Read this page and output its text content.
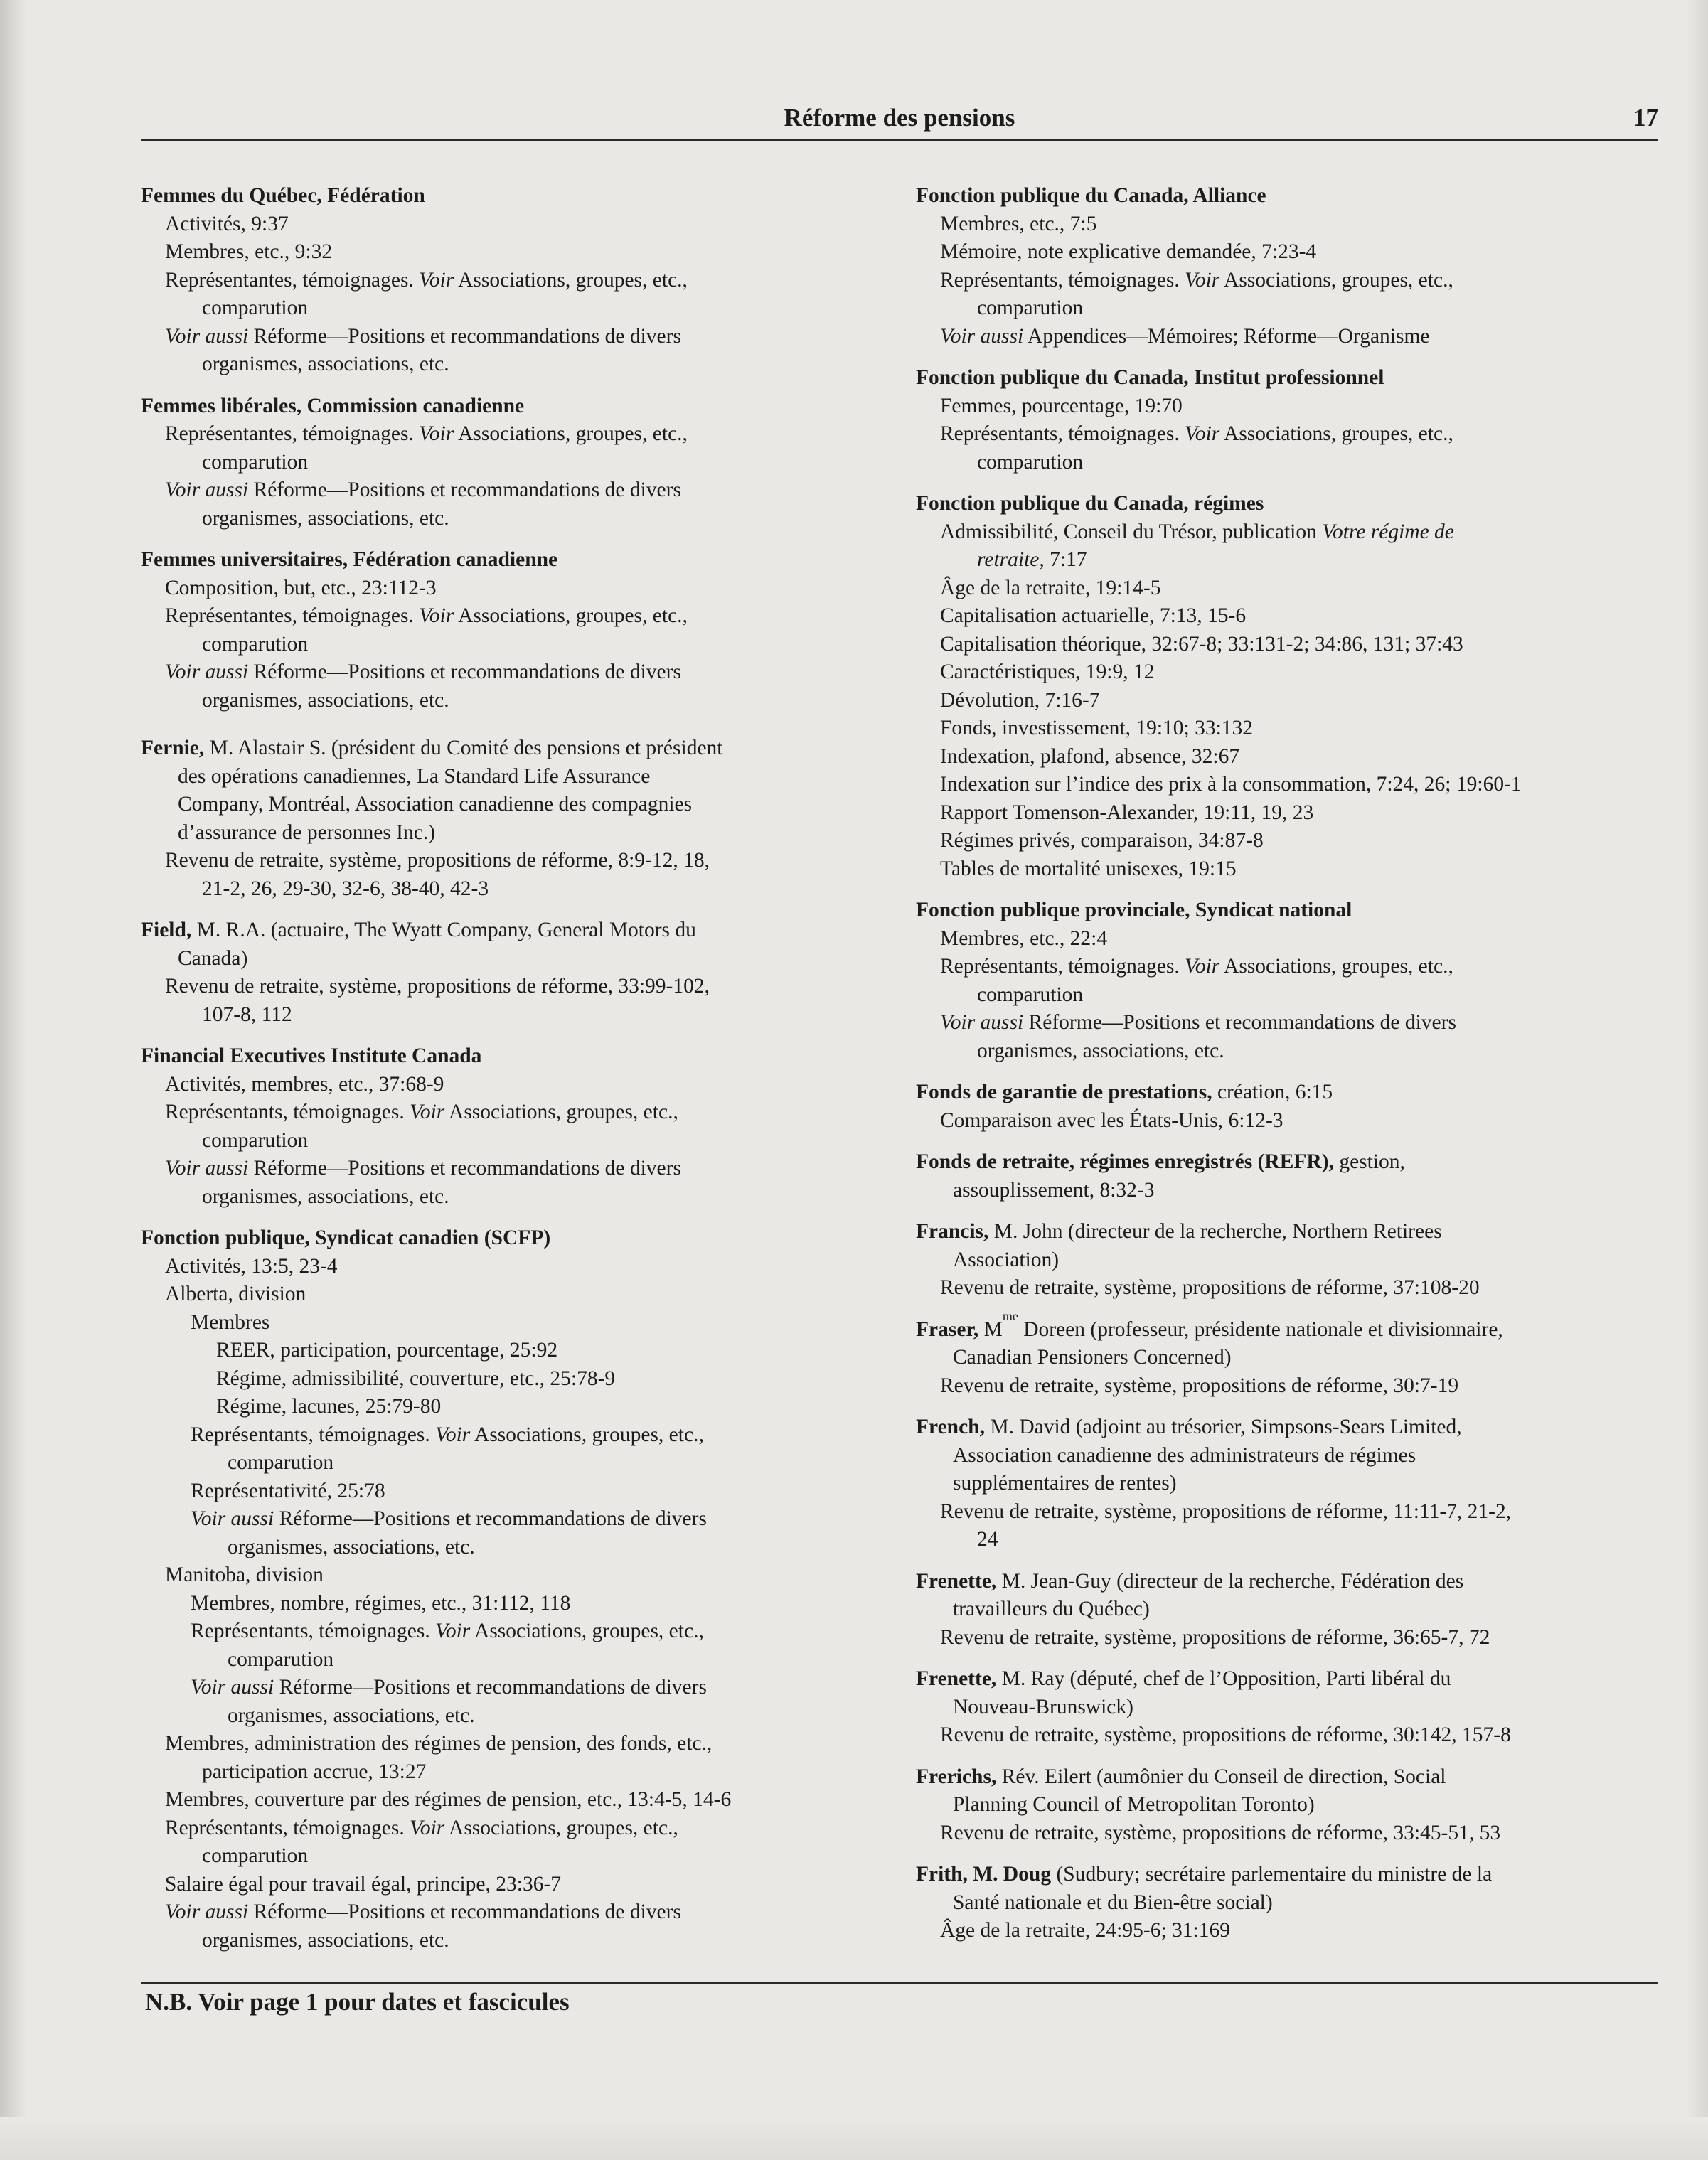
Réforme des pensions	17
Femmes du Québec, Fédération
Activités, 9:37
Membres, etc., 9:32
Représentantes, témoignages. Voir Associations, groupes, etc.,
comparution
Voir aussi Réforme—Positions et recommandations de divers
organismes, associations, etc.
Femmes libérales, Commission canadienne
Représentantes, témoignages. Voir Associations, groupes, etc.,
comparution
Voir aussi Réforme—Positions et recommandations de divers
organismes, associations, etc.
Femmes universitaires, Fédération canadienne
Composition, but, etc., 23:112-3
Représentantes, témoignages. Voir Associations, groupes, etc.,
comparution
Voir aussi Réforme—Positions et recommandations de divers
organismes, associations, etc.
Fernie, M. Alastair S. (président du Comité des pensions et président
des opérations canadiennes, La Standard Life Assurance
Company, Montréal, Association canadienne des compagnies
d’assurance de personnes Inc.)
Revenu de retraite, système, propositions de réforme, 8:9-12, 18,
21-2, 26, 29-30, 32-6, 38-40, 42-3
Field, M. R.A. (actuaire, The Wyatt Company, General Motors du
Canada)
Revenu de retraite, système, propositions de réforme, 33:99-102,
107-8, 112
Financial Executives Institute Canada
Activités, membres, etc., 37:68-9
Représentants, témoignages. Voir Associations, groupes, etc.,
comparution
Voir aussi Réforme—Positions et recommandations de divers
organismes, associations, etc.
Fonction publique, Syndicat canadien (SCFP)
Activités, 13:5, 23-4
Alberta, division
Membres
REER, participation, pourcentage, 25:92
Régime, admissibilité, couverture, etc., 25:78-9
Régime, lacunes, 25:79-80
Représentants, témoignages. Voir Associations, groupes, etc.,
comparution
Représentativité, 25:78
Voir aussi Réforme—Positions et recommandations de divers
organismes, associations, etc.
Manitoba, division
Membres, nombre, régimes, etc., 31:112, 118
Représentants, témoignages. Voir Associations, groupes, etc.,
comparution
Voir aussi Réforme—Positions et recommandations de divers
organismes, associations, etc.
Membres, administration des régimes de pension, des fonds, etc.,
participation accrue, 13:27
Membres, couverture par des régimes de pension, etc., 13:4-5, 14-6
Représentants, témoignages. Voir Associations, groupes, etc.,
comparution
Salaire égal pour travail égal, principe, 23:36-7
Voir aussi Réforme—Positions et recommandations de divers
organismes, associations, etc.
Fonction publique du Canada, Alliance
Membres, etc., 7:5
Mémoire, note explicative demandée, 7:23-4
Représentants, témoignages. Voir Associations, groupes, etc.,
comparution
Voir aussi Appendices—Mémoires; Réforme—Organisme
Fonction publique du Canada, Institut professionnel
Femmes, pourcentage, 19:70
Représentants, témoignages. Voir Associations, groupes, etc.,
comparution
Fonction publique du Canada, régimes
Admissibilité, Conseil du Trésor, publication Votre régime de
retraite, 7:17
Âge de la retraite, 19:14-5
Capitalisation actuarielle, 7:13, 15-6
Capitalisation théorique, 32:67-8; 33:131-2; 34:86, 131; 37:43
Caractéristiques, 19:9, 12
Dévolution, 7:16-7
Fonds, investissement, 19:10; 33:132
Indexation, plafond, absence, 32:67
Indexation sur l’indice des prix à la consommation, 7:24, 26; 19:60-1
Rapport Tomenson-Alexander, 19:11, 19, 23
Régimes privés, comparaison, 34:87-8
Tables de mortalité unisexes, 19:15
Fonction publique provinciale, Syndicat national
Membres, etc., 22:4
Représentants, témoignages. Voir Associations, groupes, etc.,
comparution
Voir aussi Réforme—Positions et recommandations de divers
organismes, associations, etc.
Fonds de garantie de prestations, création, 6:15
Comparaison avec les États-Unis, 6:12-3
Fonds de retraite, régimes enregistrés (REFR), gestion,
assouplissement, 8:32-3
Francis, M. John (directeur de la recherche, Northern Retirees
Association)
Revenu de retraite, système, propositions de réforme, 37:108-20
Fraser, $M^{me}$ Doreen (professeur, présidente nationale et divisionnaire,
Canadian Pensioners Concerned)
Revenu de retraite, système, propositions de réforme, 30:7-19
French, M. David (adjoint au trésorier, Simpsons-Sears Limited,
Association canadienne des administrateurs de régimes
supplémentaires de rentes)
Revenu de retraite, système, propositions de réforme, 11:11-7, 21-2,
24
Frenette, M. Jean-Guy (directeur de la recherche, Fédération des
travailleurs du Québec)
Revenu de retraite, système, propositions de réforme, 36:65-7, 72
Frenette, M. Ray (député, chef de l’Opposition, Parti libéral du
Nouveau-Brunswick)
Revenu de retraite, système, propositions de réforme, 30:142, 157-8
Frerichs, Rév. Eilert (aumônier du Conseil de direction, Social
Planning Council of Metropolitan Toronto)
Revenu de retraite, système, propositions de réforme, 33:45-51, 53
Frith, M. Doug (Sudbury; secrétaire parlementaire du ministre de la
Santé nationale et du Bien-être social)
Âge de la retraite, 24:95-6; 31:169
N.B. Voir page 1 pour dates et fascicules
